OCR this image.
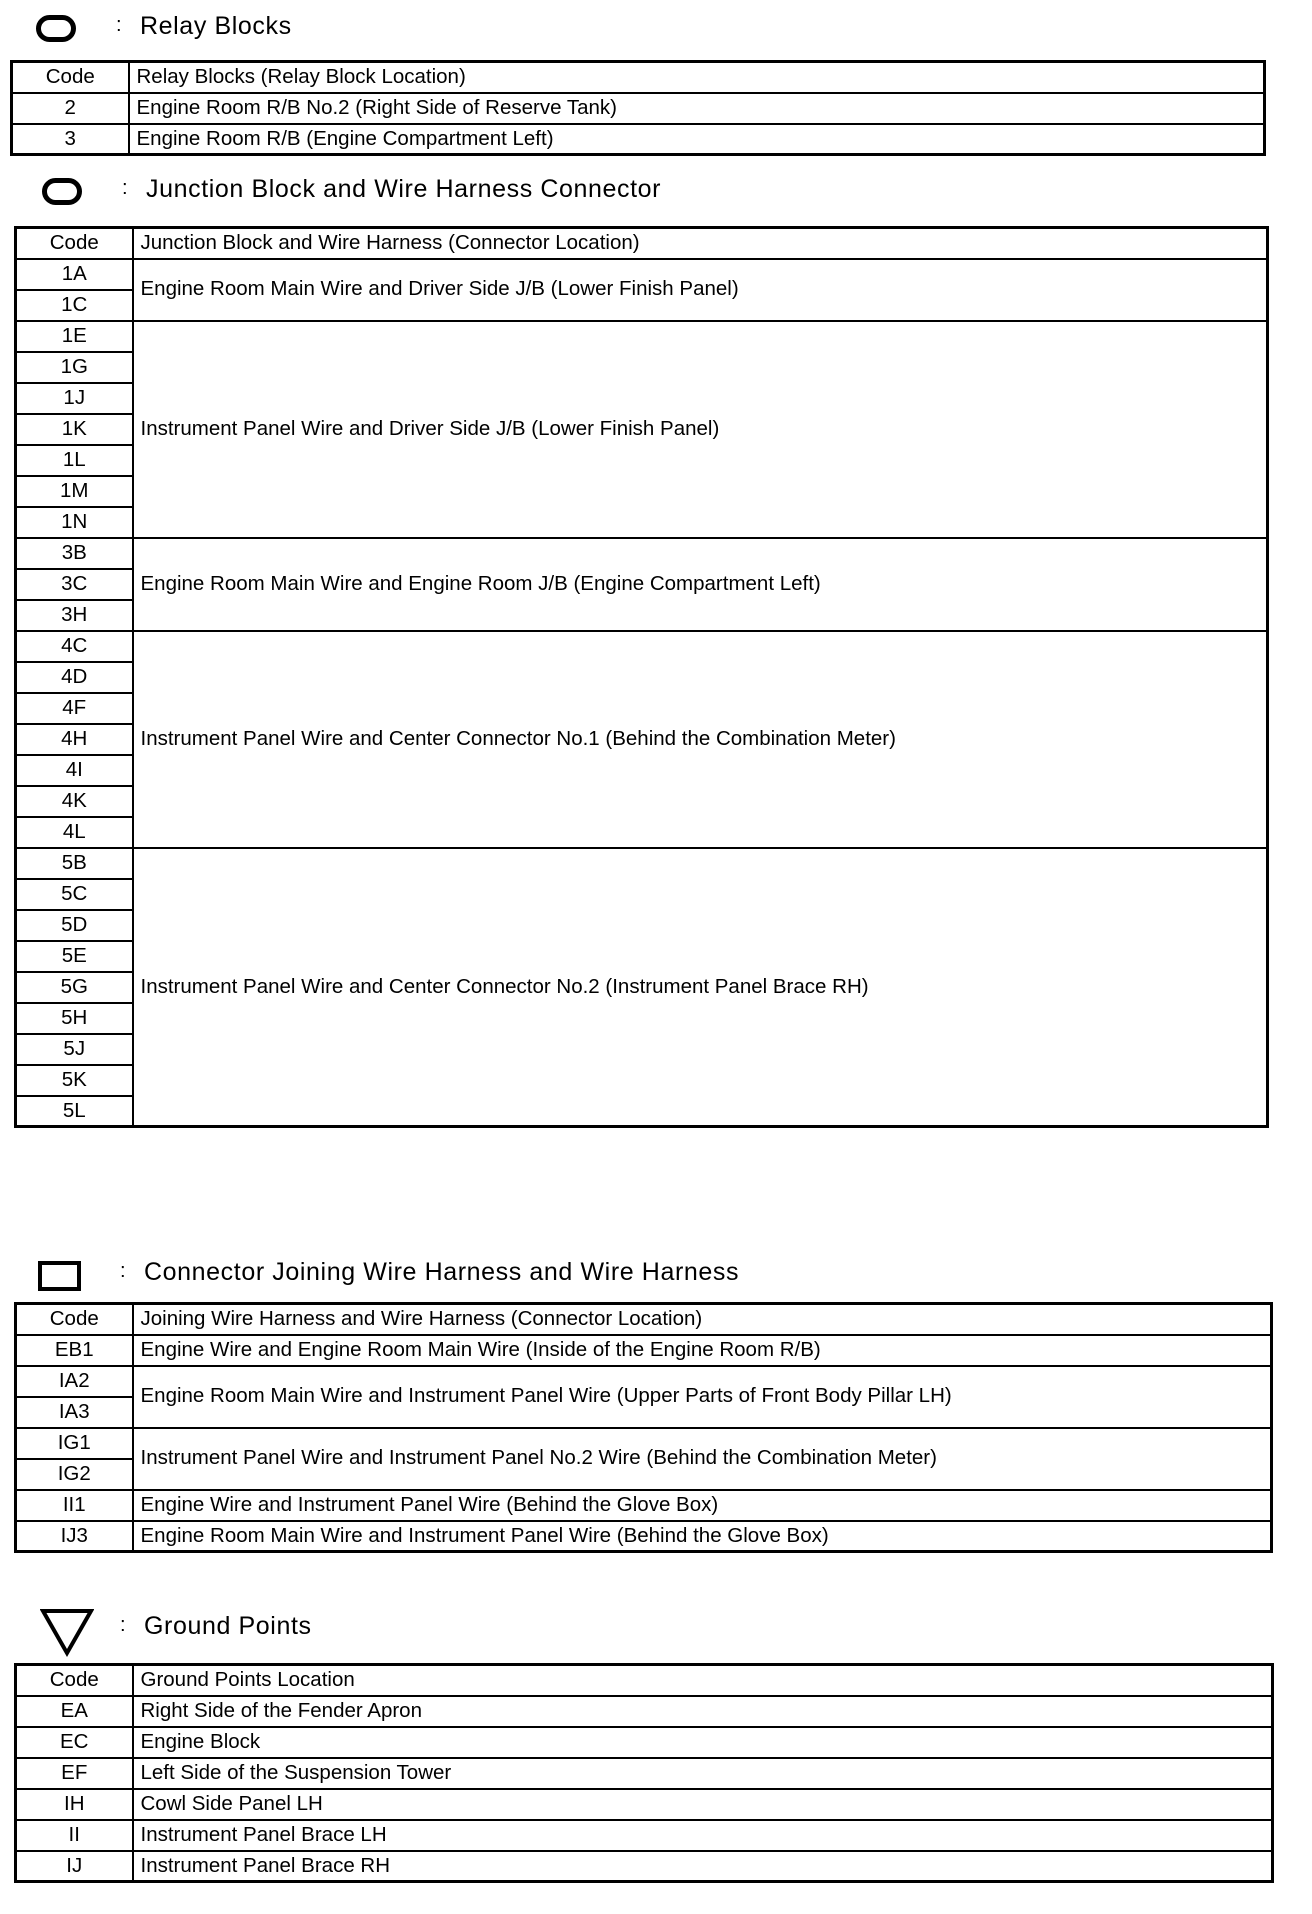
: Relay Blocks
Code	Relay Blocks (Relay Block Location)
2	Engine Room R/B No.2 (Right Side of Reserve Tank)
3	Engine Room R/B (Engine Compartment Left)
: Junction Block and Wire Harness Connector
Code	Junction Block and Wire Harness (Connector Location)
1A	Engine Room Main Wire and Driver Side J/B (Lower Finish Panel)
1C	
1E	Instrument Panel Wire and Driver Side J/B (Lower Finish Panel)
1G	
1J	
1K	
1L	
1M	
1N	
3B	Engine Room Main Wire and Engine Room J/B (Engine Compartment Left)
3C	
3H	
4C	Instrument Panel Wire and Center Connector No.1 (Behind the Combination Meter)
4D	
4F	
4H	
4I	
4K	
4L	
5B	Instrument Panel Wire and Center Connector No.2 (Instrument Panel Brace RH)
5C	
5D	
5E	
5G	
5H	
5J	
5K	
5L	
: Connector Joining Wire Harness and Wire Harness
Code	Joining Wire Harness and Wire Harness (Connector Location)
EB1	Engine Wire and Engine Room Main Wire (Inside of the Engine Room R/B)
IA2	Engine Room Main Wire and Instrument Panel Wire (Upper Parts of Front Body Pillar LH)
IA3	
IG1	Instrument Panel Wire and Instrument Panel No.2 Wire (Behind the Combination Meter)
IG2	
II1	Engine Wire and Instrument Panel Wire (Behind the Glove Box)
IJ3	Engine Room Main Wire and Instrument Panel Wire (Behind the Glove Box)
: Ground Points
Code	Ground Points Location
EA	Right Side of the Fender Apron
EC	Engine Block
EF	Left Side of the Suspension Tower
IH	Cowl Side Panel LH
II	Instrument Panel Brace LH
IJ	Instrument Panel Brace RH
